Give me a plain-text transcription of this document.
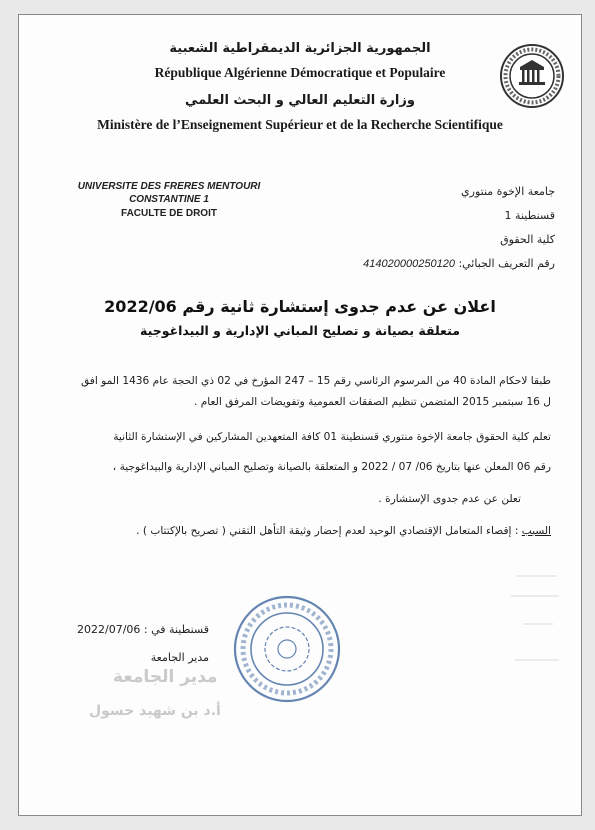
الجمهورية الجزائرية الديمقراطية الشعبية
République Algérienne Démocratique et Populaire
وزارة التعليم العالي و البحث العلمي
Ministère de l’Enseignement Supérieur et de la Recherche Scientifique
UNIVERSITE DES FRERES MENTOURI
CONSTANTINE 1
FACULTE DE DROIT
جامعة الإخوة منتوري
قسنطينة 1
كلية الحقوق
رقم التعريف الجبائي: 414020000250120
اعلان عن عدم جدوى إستشارة ثانية رقم 2022/06
متعلقة بصيانة و تصليح المباني الإدارية و البيداغوجية
طبقا لاحكام المادة 40 من المرسوم الرئاسي رقم 15 – 247 المؤرخ في 02 ذي الحجة عام 1436 المو افق
ل 16 سبتمبر 2015 المتضمن تنظيم الصفقات العمومية وتفويضات المرفق العام .
تعلم كلية الحقوق جامعة الإخوة منتوري قسنطينة 01 كافة المتعهدين المشاركين في الإستشارة الثانية
رقم 06 المعلن عنها بتاريخ 06/ 07 / 2022 و المتعلقة بالصيانة وتصليح المباني الإدارية والبيداغوجية ،
تعلن عن عدم جدوى الإستشارة .
السبب : إقصاء المتعامل الإقتصادي الوحيد لعدم إحضار وثيقة التأهل التقني ( تصريح بالإكتتاب ) .
قسنطينة في : 2022/07/06
مدير الجامعة
مدير الجامعة
أ.د بن شهيد حسول
